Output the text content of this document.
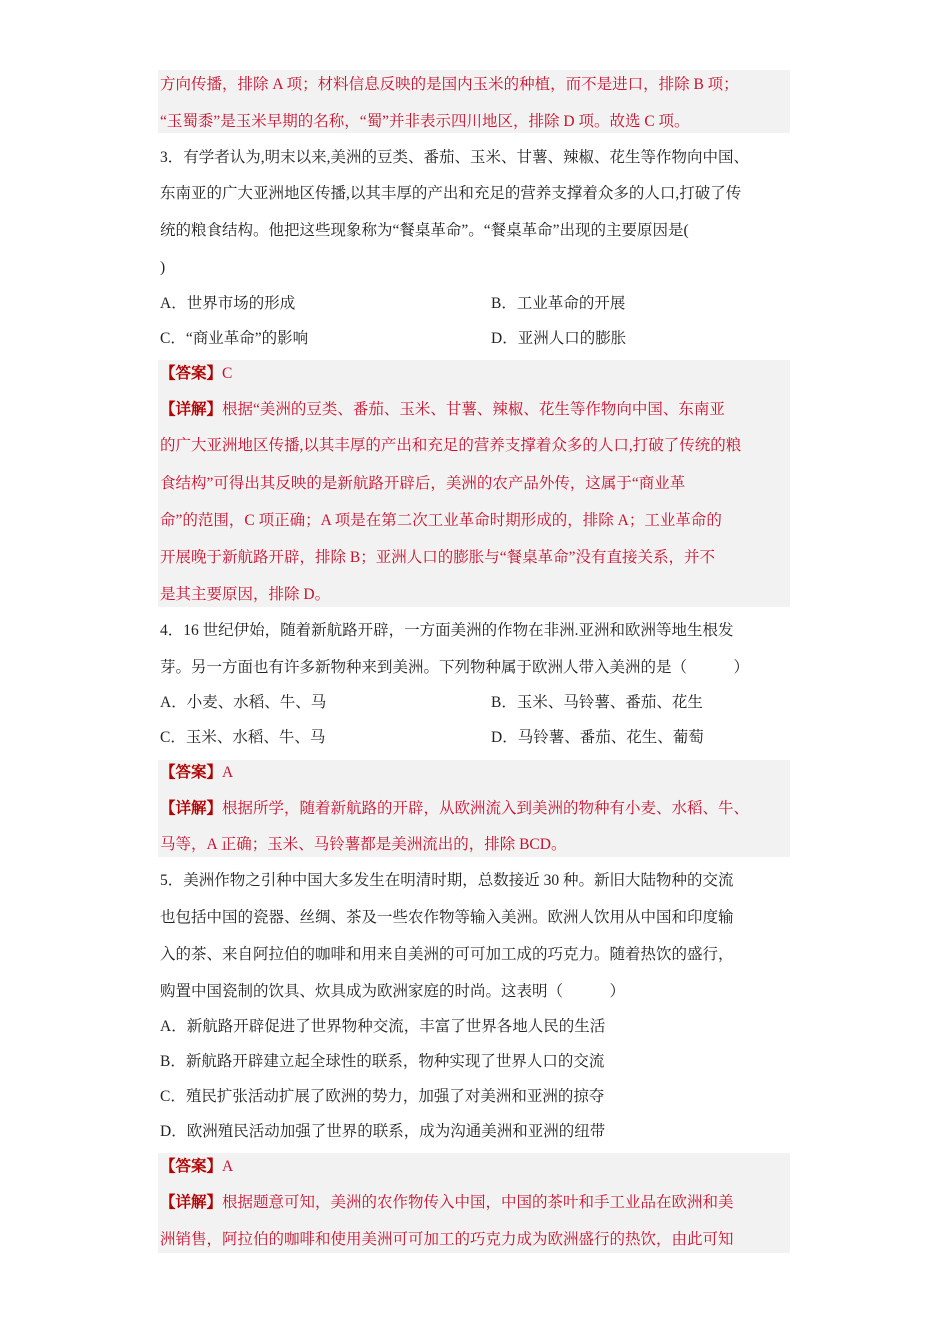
方向传播，排除 A 项；材料信息反映的是国内玉米的种植，而不是进口，排除 B 项；
“玉蜀黍”是玉米早期的名称，“蜀”并非表示四川地区，排除 D 项。故选 C 项。
3．有学者认为,明末以来,美洲的豆类、番茄、玉米、甘薯、辣椒、花生等作物向中国、
东南亚的广大亚洲地区传播,以其丰厚的产出和充足的营养支撑着众多的人口,打破了传
统的粮食结构。他把这些现象称为“餐桌革命”。“餐桌革命”出现的主要原因是(
)
A．世界市场的形成	B．工业革命的开展
C．“商业革命”的影响	D．亚洲人口的膨胀
【答案】C
【详解】根据“美洲的豆类、番茄、玉米、甘薯、辣椒、花生等作物向中国、东南亚
的广大亚洲地区传播,以其丰厚的产出和充足的营养支撑着众多的人口,打破了传统的粮
食结构”可得出其反映的是新航路开辟后，美洲的农产品外传，这属于“商业革
命”的范围，C 项正确；A 项是在第二次工业革命时期形成的，排除 A；工业革命的
开展晚于新航路开辟，排除 B；亚洲人口的膨胀与“餐桌革命”没有直接关系，并不
是其主要原因，排除 D。
4．16 世纪伊始，随着新航路开辟，一方面美洲的作物在非洲.亚洲和欧洲等地生根发
芽。另一方面也有许多新物种来到美洲。下列物种属于欧洲人带入美洲的是（　　　）
A．小麦、水稻、牛、马	B．玉米、马铃薯、番茄、花生
C．玉米、水稻、牛、马	D．马铃薯、番茄、花生、葡萄
【答案】A
【详解】根据所学，随着新航路的开辟，从欧洲流入到美洲的物种有小麦、水稻、牛、
马等，A 正确；玉米、马铃薯都是美洲流出的，排除 BCD。
5．美洲作物之引种中国大多发生在明清时期，总数接近 30 种。新旧大陆物种的交流
也包括中国的瓷器、丝绸、茶及一些农作物等输入美洲。欧洲人饮用从中国和印度输
入的茶、来自阿拉伯的咖啡和用来自美洲的可可加工成的巧克力。随着热饮的盛行，
购置中国瓷制的饮具、炊具成为欧洲家庭的时尚。这表明（　　　）
A．新航路开辟促进了世界物种交流，丰富了世界各地人民的生活
B．新航路开辟建立起全球性的联系，物种实现了世界人口的交流
C．殖民扩张活动扩展了欧洲的势力，加强了对美洲和亚洲的掠夺
D．欧洲殖民活动加强了世界的联系，成为沟通美洲和亚洲的纽带
【答案】A
【详解】根据题意可知，美洲的农作物传入中国，中国的茶叶和手工业品在欧洲和美
洲销售，阿拉伯的咖啡和使用美洲可可加工的巧克力成为欧洲盛行的热饮，由此可知
